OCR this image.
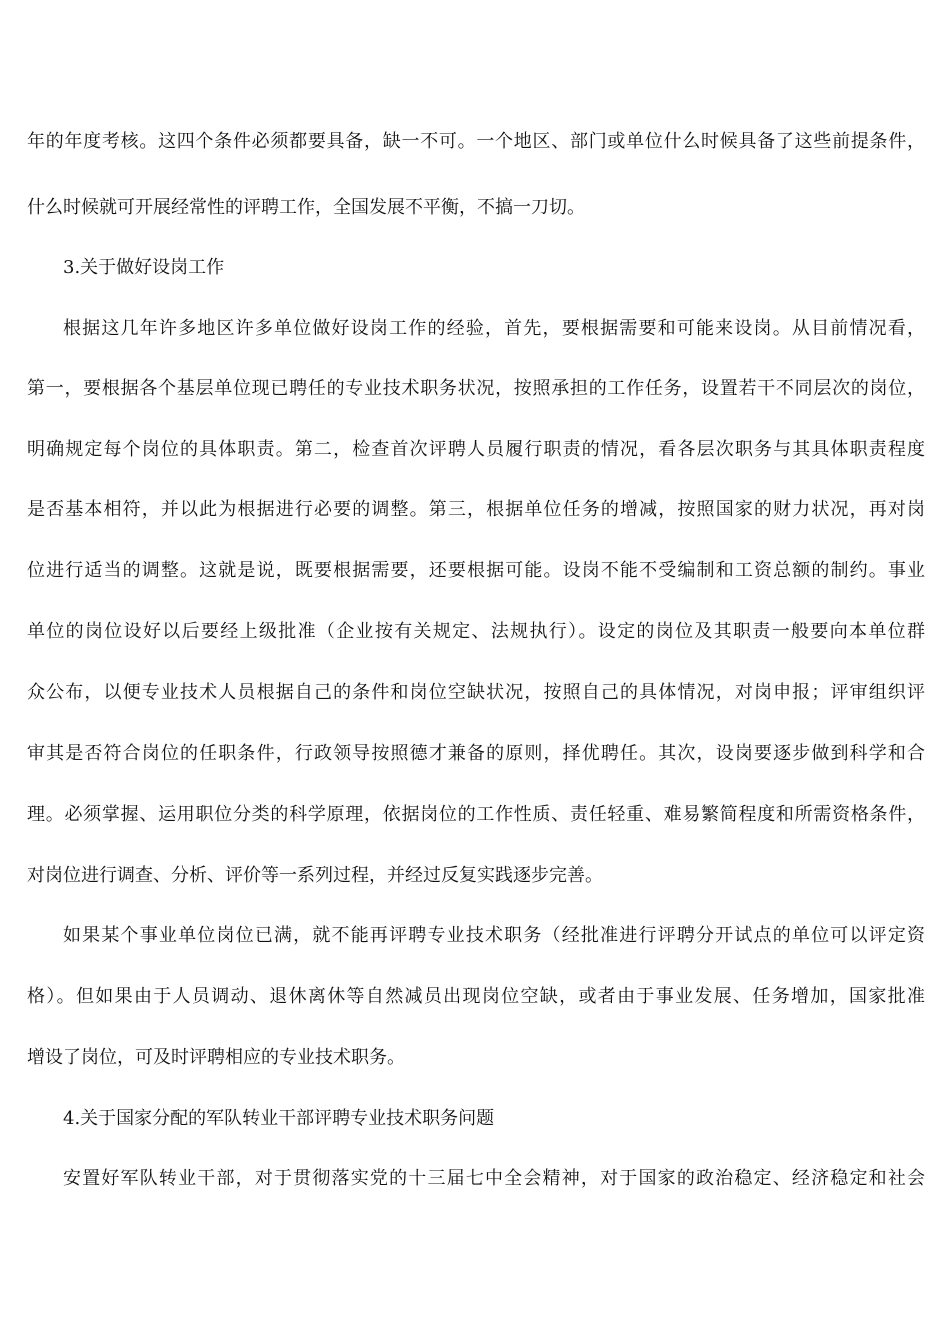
年的年度考核。这四个条件必须都要具备，缺一不可。一个地区、部门或单位什么时候具备了这些前提条件，
什么时候就可开展经常性的评聘工作，全国发展不平衡，不搞一刀切。
3.关于做好设岗工作
根据这几年许多地区许多单位做好设岗工作的经验，首先，要根据需要和可能来设岗。从目前情况看，
第一，要根据各个基层单位现已聘任的专业技术职务状况，按照承担的工作任务，设置若干不同层次的岗位，
明确规定每个岗位的具体职责。第二，检查首次评聘人员履行职责的情况，看各层次职务与其具体职责程度
是否基本相符，并以此为根据进行必要的调整。第三，根据单位任务的增减，按照国家的财力状况，再对岗
位进行适当的调整。这就是说，既要根据需要，还要根据可能。设岗不能不受编制和工资总额的制约。事业
单位的岗位设好以后要经上级批准（企业按有关规定、法规执行）。设定的岗位及其职责一般要向本单位群
众公布，以便专业技术人员根据自己的条件和岗位空缺状况，按照自己的具体情况，对岗申报；评审组织评
审其是否符合岗位的任职条件，行政领导按照德才兼备的原则，择优聘任。其次，设岗要逐步做到科学和合
理。必须掌握、运用职位分类的科学原理，依据岗位的工作性质、责任轻重、难易繁简程度和所需资格条件，
对岗位进行调查、分析、评价等一系列过程，并经过反复实践逐步完善。
如果某个事业单位岗位已满，就不能再评聘专业技术职务（经批准进行评聘分开试点的单位可以评定资
格）。但如果由于人员调动、退休离休等自然减员出现岗位空缺，或者由于事业发展、任务增加，国家批准
增设了岗位，可及时评聘相应的专业技术职务。
4.关于国家分配的军队转业干部评聘专业技术职务问题
安置好军队转业干部，对于贯彻落实党的十三届七中全会精神，对于国家的政治稳定、经济稳定和社会
